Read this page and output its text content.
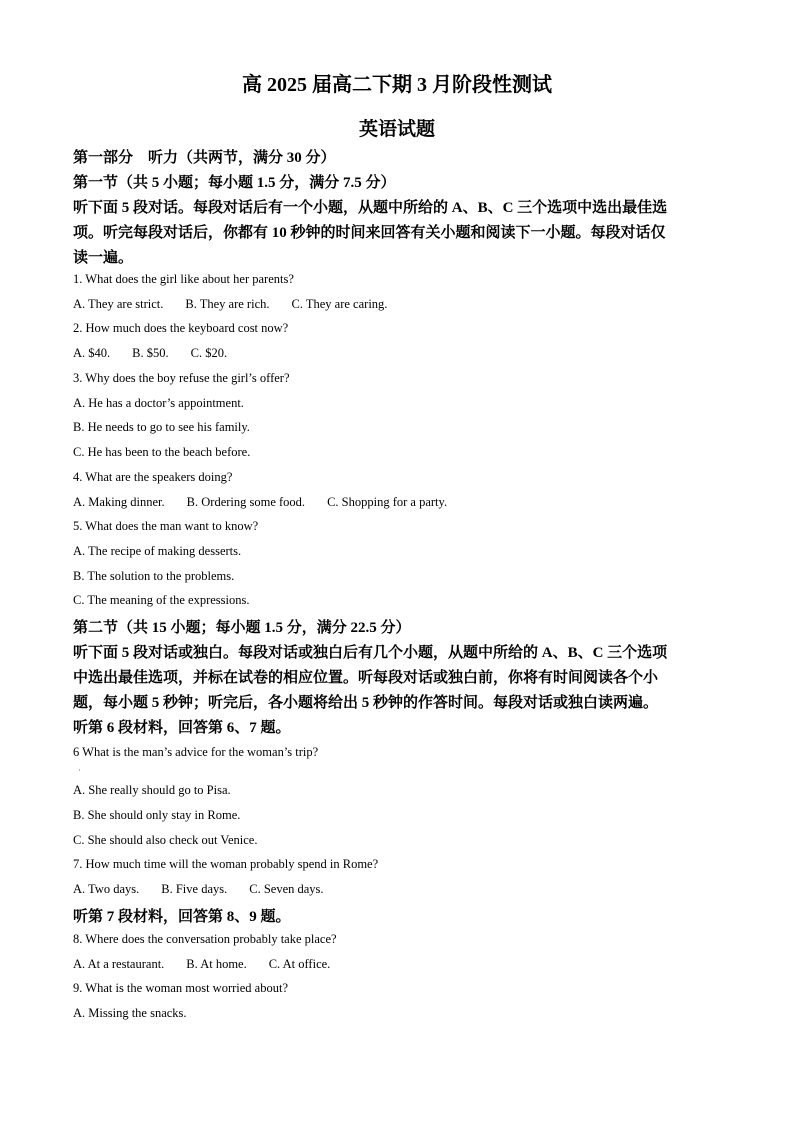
高 2025 届高二下期 3 月阶段性测试
英语试题
第一部分　听力（共两节，满分 30 分）
第一节（共 5 小题；每小题 1.5 分，满分 7.5 分）
听下面 5 段对话。每段对话后有一个小题，从题中所给的 A、B、C 三个选项中选出最佳选
项。听完每段对话后，你都有 10 秒钟的时间来回答有关小题和阅读下一小题。每段对话仅
读一遍。
1. What does the girl like about her parents?
A. They are strict. B. They are rich. C. They are caring.
2. How much does the keyboard cost now?
A. $40. B. $50. C. $20.
3. Why does the boy refuse the girl’s offer?
A. He has a doctor’s appointment.
B. He needs to go to see his family.
C. He has been to the beach before.
4. What are the speakers doing?
A. Making dinner. B. Ordering some food. C. Shopping for a party.
5. What does the man want to know?
A. The recipe of making desserts.
B. The solution to the problems.
C. The meaning of the expressions.
第二节（共 15 小题；每小题 1.5 分，满分 22.5 分）
听下面 5 段对话或独白。每段对话或独白后有几个小题，从题中所给的 A、B、C 三个选项
中选出最佳选项，并标在试卷的相应位置。听每段对话或独白前，你将有时间阅读各个小
题，每小题 5 秒钟；听完后，各小题将给出 5 秒钟的作答时间。每段对话或独白读两遍。
听第 6 段材料，回答第 6、7 题。
6 What is the man’s advice for the woman’s trip?
·
A. She really should go to Pisa.
B. She should only stay in Rome.
C. She should also check out Venice.
7. How much time will the woman probably spend in Rome?
A. Two days. B. Five days. C. Seven days.
听第 7 段材料，回答第 8、9 题。
8. Where does the conversation probably take place?
A. At a restaurant. B. At home. C. At office.
9. What is the woman most worried about?
A. Missing the snacks.
